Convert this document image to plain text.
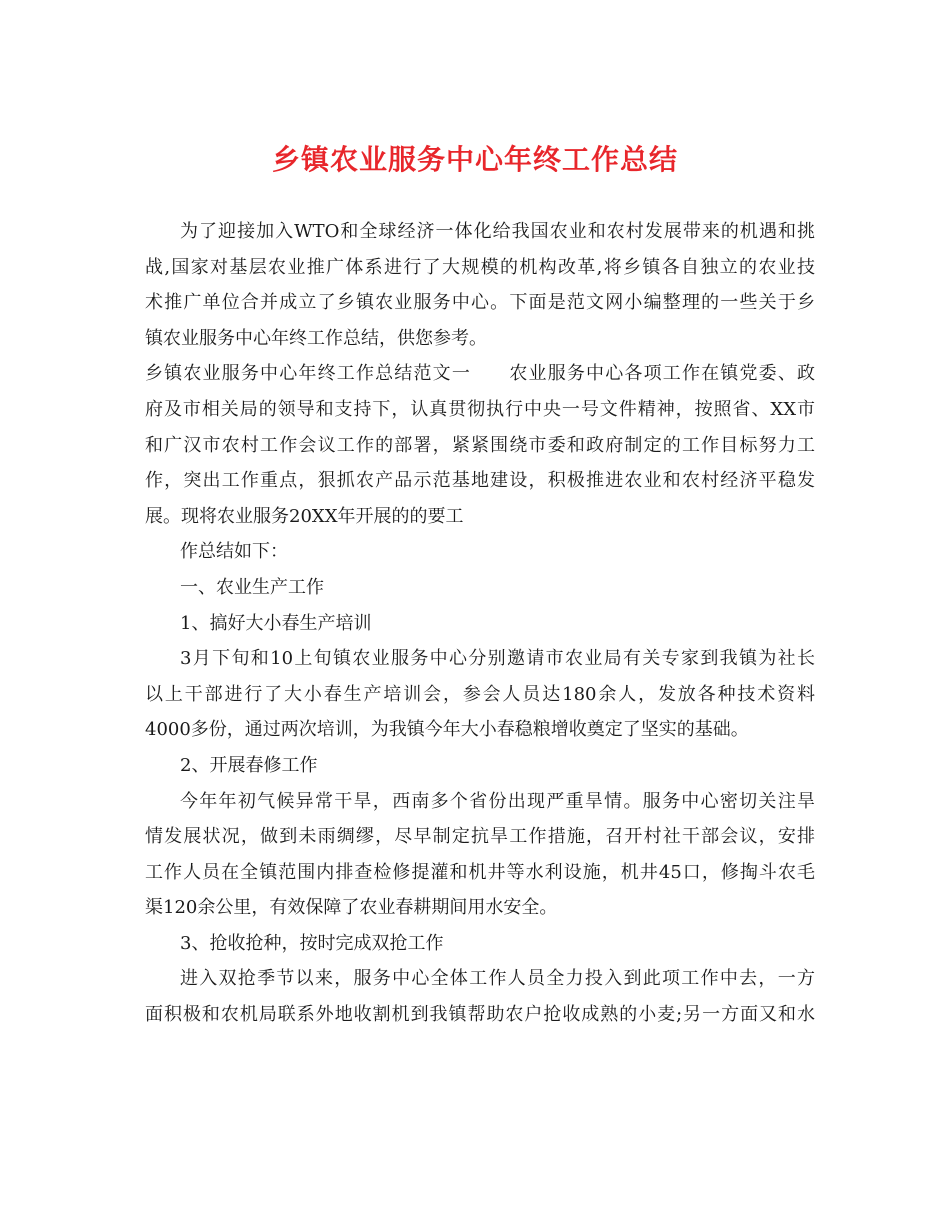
乡镇农业服务中心年终工作总结
为了迎接加入WTO和全球经济一体化给我国农业和农村发展带来的机遇和挑
战,国家对基层农业推广体系进行了大规模的机构改革,将乡镇各自独立的农业技
术推广单位合并成立了乡镇农业服务中心。下面是范文网小编整理的一些关于乡
镇农业服务中心年终工作总结，供您参考。
乡镇农业服务中心年终工作总结范文一　　农业服务中心各项工作在镇党委、政
府及市相关局的领导和支持下，认真贯彻执行中央一号文件精神，按照省、XX市
和广汉市农村工作会议工作的部署，紧紧围绕市委和政府制定的工作目标努力工
作，突出工作重点，狠抓农产品示范基地建设，积极推进农业和农村经济平稳发
展。现将农业服务20XX年开展的的要工
作总结如下：
一、农业生产工作
1、搞好大小春生产培训
3月下旬和10上旬镇农业服务中心分别邀请市农业局有关专家到我镇为社长
以上干部进行了大小春生产培训会，参会人员达180余人，发放各种技术资料
4000多份，通过两次培训，为我镇今年大小春稳粮增收奠定了坚实的基础。
2、开展春修工作
今年年初气候异常干旱，西南多个省份出现严重旱情。服务中心密切关注旱
情发展状况，做到未雨绸缪，尽早制定抗旱工作措施，召开村社干部会议，安排
工作人员在全镇范围内排查检修提灌和机井等水利设施，机井45口，修掏斗农毛
渠120余公里，有效保障了农业春耕期间用水安全。
3、抢收抢种，按时完成双抢工作
进入双抢季节以来，服务中心全体工作人员全力投入到此项工作中去，一方
面积极和农机局联系外地收割机到我镇帮助农户抢收成熟的小麦;另一方面又和水
